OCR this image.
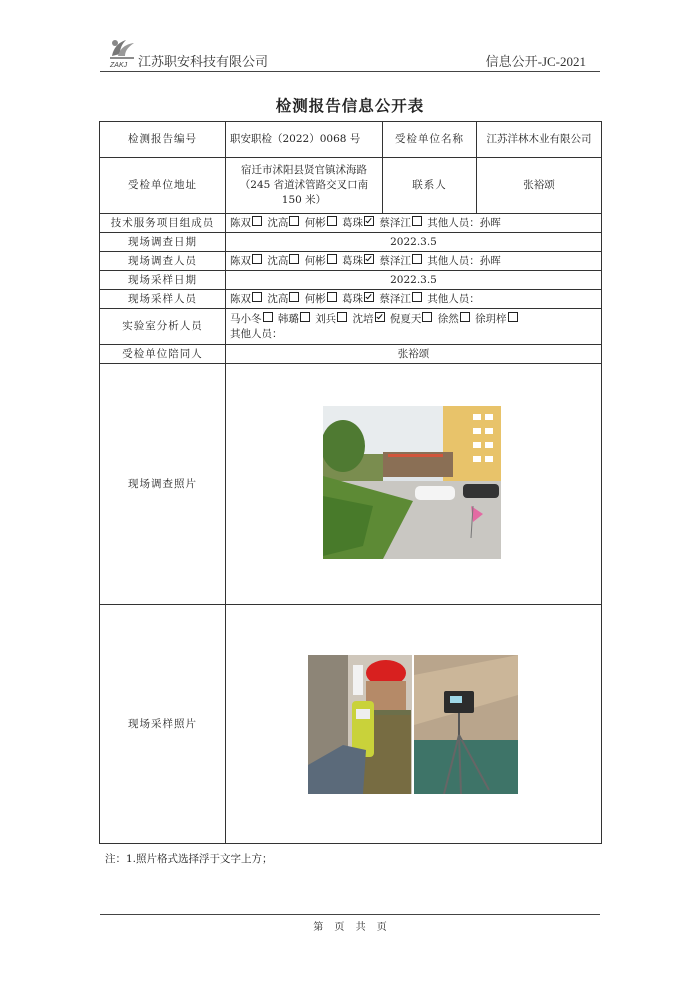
ZAKJ 江苏职安科技有限公司	信息公开-JC-2021
检测报告信息公开表
检测报告编号	职安职检（2022）0068 号	受检单位名称	江苏洋林木业有限公司
受检单位地址	宿迁市沭阳县贤官镇沭海路（245 省道沭管路交叉口南150 米）	联系人	张裕颂
技术服务项目组成员	陈双 沈高 何彬 葛珠 蔡泽江 其他人员：孙晖		
现场调查日期	2022.3.5		
现场调查人员	陈双 沈高 何彬 葛珠 蔡泽江 其他人员：孙晖		
现场采样日期	2022.3.5		
现场采样人员	陈双 沈高 何彬 葛珠 蔡泽江 其他人员：		
实验室分析人员	马小冬 韩璐 刘兵 沈培 倪夏天 徐然 徐玥梓
其他人员：		
受检单位陪同人	张裕颂		
现场调查照片	

现场采样照片	
注：1.照片格式选择浮于文字上方；
第 页 共 页
